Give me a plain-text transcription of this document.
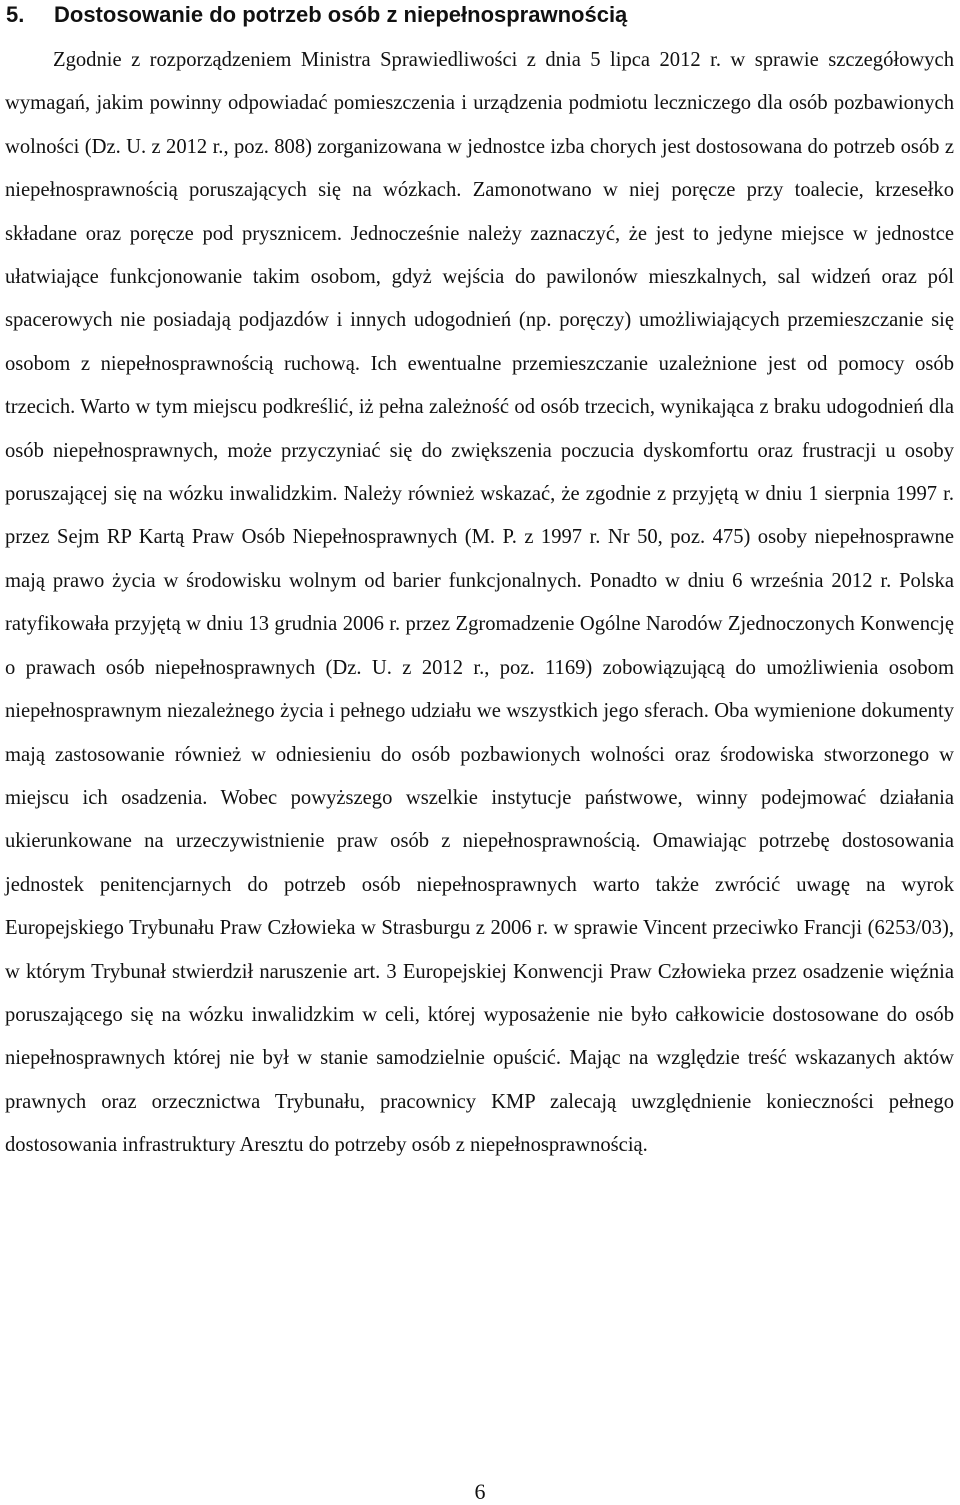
5. Dostosowanie do potrzeb osób z niepełnosprawnością

Zgodnie z rozporządzeniem Ministra Sprawiedliwości z dnia 5 lipca 2012 r. w sprawie szczegółowych wymagań, jakim powinny odpowiadać pomieszczenia i urządzenia podmiotu leczniczego dla osób pozbawionych wolności (Dz. U. z 2012 r., poz. 808) zorganizowana w jednostce izba chorych jest dostosowana do potrzeb osób z niepełnosprawnością poruszających się na wózkach. Zamonotwano w niej poręcze przy toalecie, krzesełko składane oraz poręcze pod prysznicem. Jednocześnie należy zaznaczyć, że jest to jedyne miejsce w jednostce ułatwiające funkcjonowanie takim osobom, gdyż wejścia do pawilonów mieszkalnych, sal widzeń oraz pól spacerowych nie posiadają podjazdów i innych udogodnień (np. poręczy) umożliwiających przemieszczanie się osobom z niepełnosprawnością ruchową. Ich ewentualne przemieszczanie uzależnione jest od pomocy osób trzecich. Warto w tym miejscu podkreślić, iż pełna zależność od osób trzecich, wynikająca z braku udogodnień dla osób niepełnosprawnych, może przyczyniać się do zwiększenia poczucia dyskomfortu oraz frustracji u osoby poruszającej się na wózku inwalidzkim. Należy również wskazać, że zgodnie z przyjętą w dniu 1 sierpnia 1997 r. przez Sejm RP Kartą Praw Osób Niepełnosprawnych (M. P. z 1997 r. Nr 50, poz. 475) osoby niepełnosprawne mają prawo życia w środowisku wolnym od barier funkcjonalnych. Ponadto w dniu 6 września 2012 r. Polska ratyfikowała przyjętą w dniu 13 grudnia 2006 r. przez Zgromadzenie Ogólne Narodów Zjednoczonych Konwencję o prawach osób niepełnosprawnych (Dz. U. z 2012 r., poz. 1169) zobowiązującą do umożliwienia osobom niepełnosprawnym niezależnego życia i pełnego udziału we wszystkich jego sferach. Oba wymienione dokumenty mają zastosowanie również w odniesieniu do osób pozbawionych wolności oraz środowiska stworzonego w miejscu ich osadzenia. Wobec powyższego wszelkie instytucje państwowe, winny podejmować działania ukierunkowane na urzeczywistnienie praw osób z niepełnosprawnością. Omawiając potrzebę dostosowania jednostek penitencjarnych do potrzeb osób niepełnosprawnych warto także zwrócić uwagę na wyrok Europejskiego Trybunału Praw Człowieka w Strasburgu z 2006 r. w sprawie Vincent przeciwko Francji (6253/03), w którym Trybunał stwierdził naruszenie art. 3 Europejskiej Konwencji Praw Człowieka przez osadzenie więźnia poruszającego się na wózku inwalidzkim w celi, której wyposażenie nie było całkowicie dostosowane do osób niepełnosprawnych której nie był w stanie samodzielnie opuścić. Mając na względzie treść wskazanych aktów prawnych oraz orzecznictwa Trybunału, pracownicy KMP zalecają uwzględnienie konieczności pełnego dostosowania infrastruktury Aresztu do potrzeby osób z niepełnosprawnością.

6
